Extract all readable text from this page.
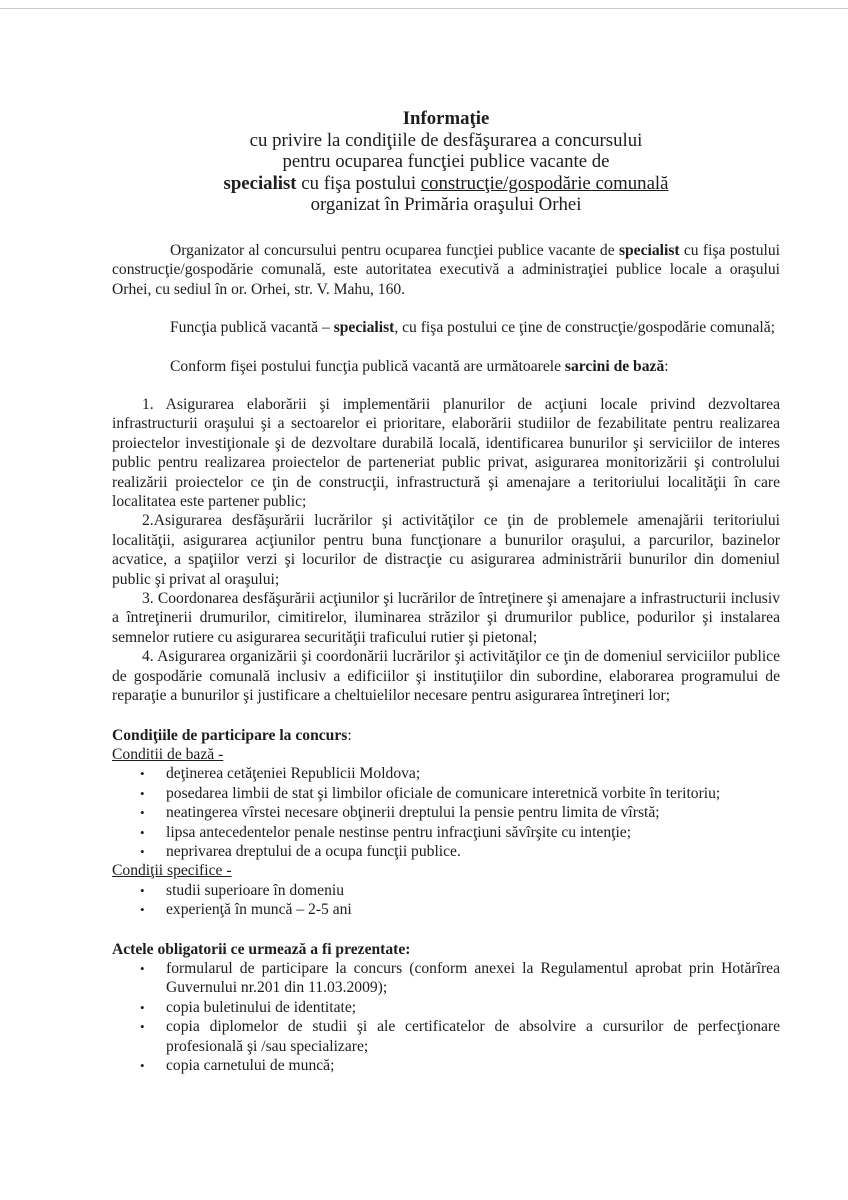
Informaţie
cu privire la condiţiile de desfăşurarea a concursului
pentru ocuparea funcţiei publice vacante de
specialist cu fişa postului construcţie/gospodărie comunală
organizat în Primăria oraşului Orhei

Organizator al concursului pentru ocuparea funcţiei publice vacante de specialist cu fişa postului construcţie/gospodărie comunală, este autoritatea executivă a administraţiei publice locale a oraşului Orhei, cu sediul în or. Orhei, str. V. Mahu, 160.

Funcţia publică vacantă – specialist, cu fişa postului ce ţine de construcţie/gospodărie comunală;

Conform fişei postului funcţia publică vacantă are următoarele sarcini de bază:

1. Asigurarea elaborării şi implementării planurilor de acţiuni locale privind dezvoltarea infrastructurii oraşului şi a sectoarelor ei prioritare, elaborării studiilor de fezabilitate pentru realizarea proiectelor investiţionale şi de dezvoltare durabilă locală, identificarea bunurilor şi serviciilor de interes public pentru realizarea proiectelor de parteneriat public privat, asigurarea monitorizării şi controlului realizării proiectelor ce ţin de construcţii, infrastructură şi amenajare a teritoriului localităţii în care localitatea este partener public;

2.Asigurarea desfăşurării lucrărilor şi activităţilor ce ţin de problemele amenajării teritoriului localităţii, asigurarea acţiunilor pentru buna funcţionare a bunurilor oraşului, a parcurilor, bazinelor acvatice, a spaţiilor verzi şi locurilor de distracţie cu asigurarea administrării bunurilor din domeniul public şi privat al oraşului;

3. Coordonarea desfăşurării acţiunilor şi lucrărilor de întreţinere şi amenajare a infrastructurii inclusiv a întreţinerii drumurilor, cimitirelor, iluminarea străzilor şi drumurilor publice, podurilor şi instalarea semnelor rutiere cu asigurarea securităţii traficului rutier şi pietonal;

4. Asigurarea organizării şi coordonării lucrărilor şi activităţilor ce ţin de domeniul serviciilor publice de gospodărie comunală inclusiv a edificiilor şi instituţiilor din subordine, elaborarea programului de reparaţie a bunurilor şi justificare a cheltuielilor necesare pentru asigurarea întreţineri lor;

Condiţiile de participare la concurs:
Conditii de bază -
• deţinerea cetăţeniei Republicii Moldova;
• posedarea limbii de stat şi limbilor oficiale de comunicare interetnică vorbite în teritoriu;
• neatingerea vîrstei necesare obţinerii dreptului la pensie pentru limita de vîrstă;
• lipsa antecedentelor penale nestinse pentru infracţiuni săvîrşite cu intenţie;
• neprivarea dreptului de a ocupa funcţii publice.
Condiţii specifice -
• studii superioare în domeniu
• experienţă în muncă – 2-5 ani
Actele obligatorii ce urmează a fi prezentate:
• formularul de participare la concurs (conform anexei la Regulamentul aprobat prin Hotărîrea Guvernului nr.201 din 11.03.2009);
• copia buletinului de identitate;
• copia diplomelor de studii şi ale certificatelor de absolvire a cursurilor de perfecţionare profesională şi /sau specializare;
• copia carnetului de muncă;
